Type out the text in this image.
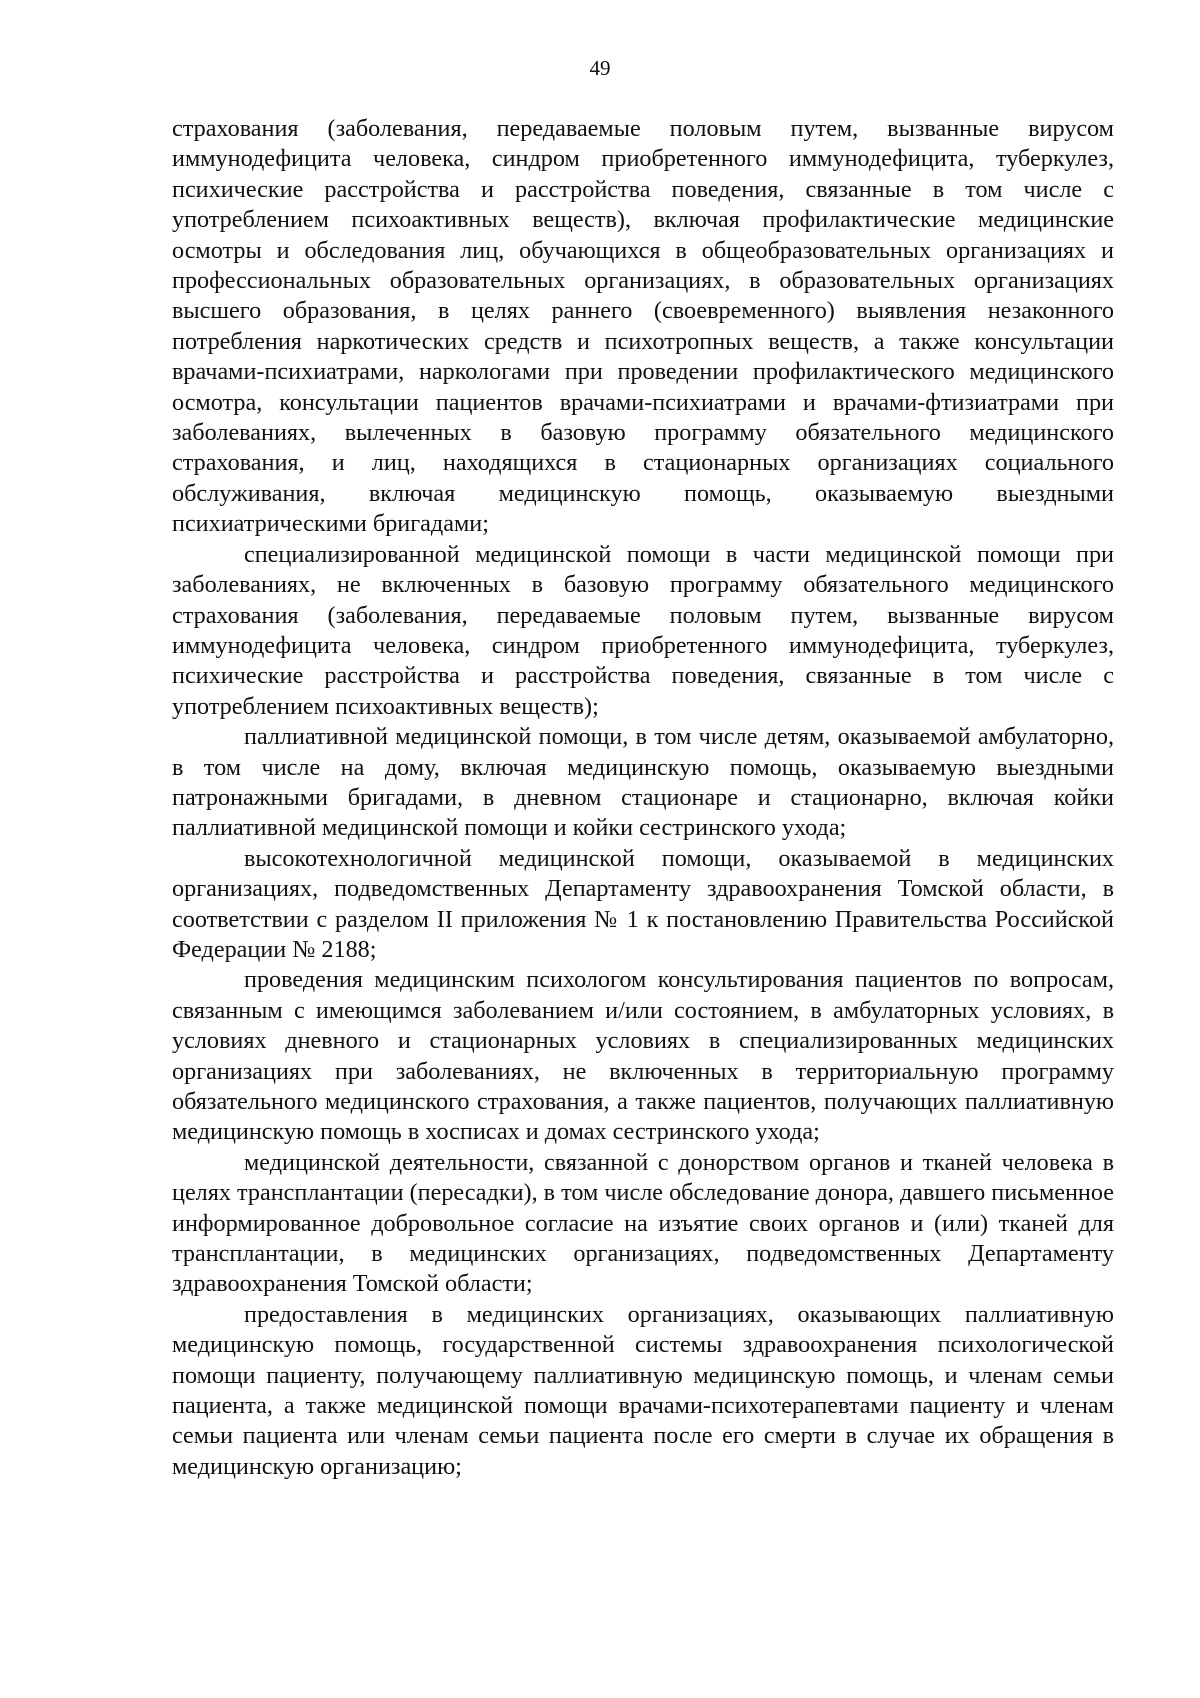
49

страхования (заболевания, передаваемые половым путем, вызванные вирусом иммунодефицита человека, синдром приобретенного иммунодефицита, туберкулез, психические расстройства и расстройства поведения, связанные в том числе с употреблением психоактивных веществ), включая профилактические медицинские осмотры и обследования лиц, обучающихся в общеобразовательных организациях и профессиональных образовательных организациях, в образовательных организациях высшего образования, в целях раннего (своевременного) выявления незаконного потребления наркотических средств и психотропных веществ, а также консультации врачами-психиатрами, наркологами при проведении профилактического медицинского осмотра, консультации пациентов врачами-психиатрами и врачами-фтизиатрами при заболеваниях, вылеченных в базовую программу обязательного медицинского страхования, и лиц, находящихся в стационарных организациях социального обслуживания, включая медицинскую помощь, оказываемую выездными психиатрическими бригадами;

специализированной медицинской помощи в части медицинской помощи при заболеваниях, не включенных в базовую программу обязательного медицинского страхования (заболевания, передаваемые половым путем, вызванные вирусом иммунодефицита человека, синдром приобретенного иммунодефицита, туберкулез, психические расстройства и расстройства поведения, связанные в том числе с употреблением психоактивных веществ);

паллиативной медицинской помощи, в том числе детям, оказываемой амбулаторно, в том числе на дому, включая медицинскую помощь, оказываемую выездными патронажными бригадами, в дневном стационаре и стационарно, включая койки паллиативной медицинской помощи и койки сестринского ухода;

высокотехнологичной медицинской помощи, оказываемой в медицинских организациях, подведомственных Департаменту здравоохранения Томской области, в соответствии с разделом II приложения № 1 к постановлению Правительства Российской Федерации № 2188;

проведения медицинским психологом консультирования пациентов по вопросам, связанным с имеющимся заболеванием и/или состоянием, в амбулаторных условиях, в условиях дневного и стационарных условиях в специализированных медицинских организациях при заболеваниях, не включенных в территориальную программу обязательного медицинского страхования, а также пациентов, получающих паллиативную медицинскую помощь в хосписах и домах сестринского ухода;

медицинской деятельности, связанной с донорством органов и тканей человека в целях трансплантации (пересадки), в том числе обследование донора, давшего письменное информированное добровольное согласие на изъятие своих органов и (или) тканей для трансплантации, в медицинских организациях, подведомственных Департаменту здравоохранения Томской области;

предоставления в медицинских организациях, оказывающих паллиативную медицинскую помощь, государственной системы здравоохранения психологической помощи пациенту, получающему паллиативную медицинскую помощь, и членам семьи пациента, а также медицинской помощи врачами-психотерапевтами пациенту и членам семьи пациента или членам семьи пациента после его смерти в случае их обращения в медицинскую организацию;
